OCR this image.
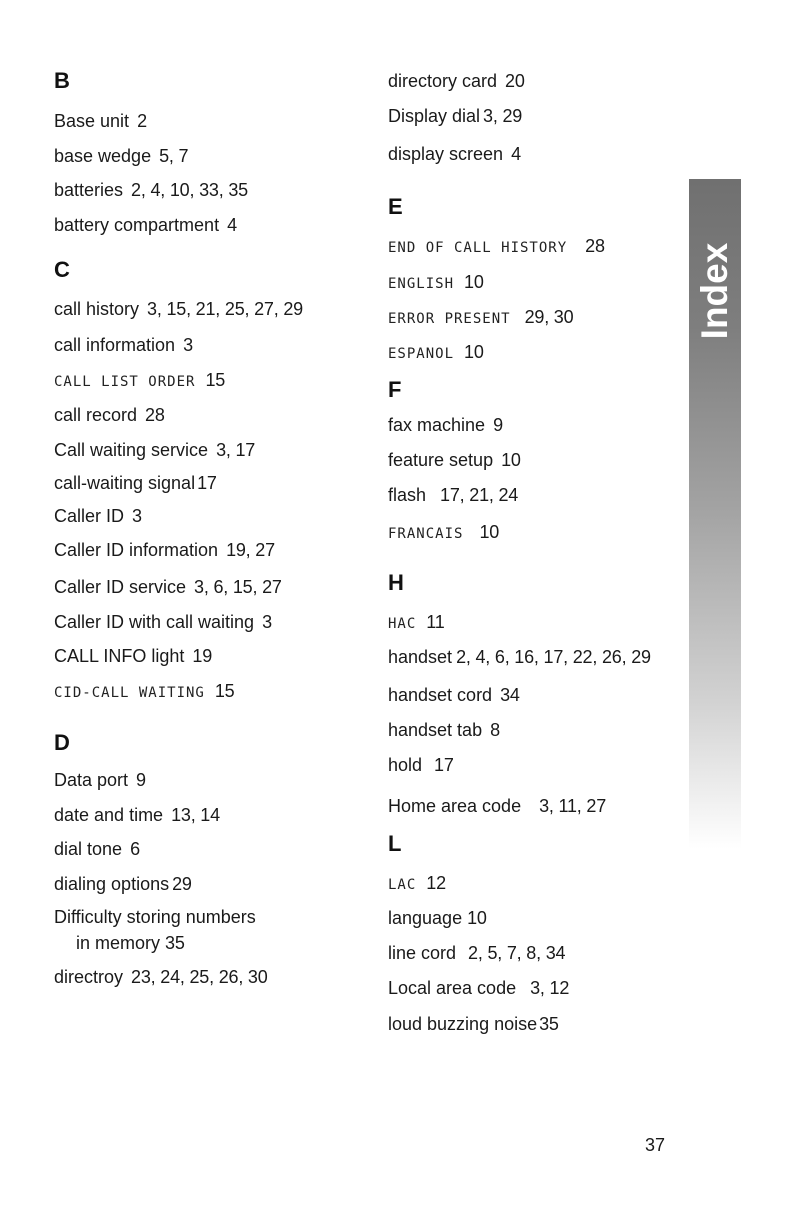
B
Base unit 2
base wedge 5, 7
batteries 2, 4, 10, 33, 35
battery compartment 4
C
call history 3, 15, 21, 25, 27, 29
call information 3
CALL LIST ORDER 15
call record 28
Call waiting service 3, 17
call-waiting signal 17
Caller ID 3
Caller ID information 19, 27
Caller ID service 3, 6, 15, 27
Caller ID with call waiting 3
CALL INFO light 19
CID-CALL WAITING 15
D
Data port 9
date and time 13, 14
dial tone 6
dialing options 29
Difficulty storing numbers
in memory 35
directroy 23, 24, 25, 26, 30
directory card 20
Display dial 3, 29
display screen 4
E
END OF CALL HISTORY 28
ENGLISH 10
ERROR PRESENT 29, 30
ESPANOL 10
F
fax machine 9
feature setup 10
flash 17, 21, 24
FRANCAIS 10
H
HAC 11
handset 2, 4, 6, 16, 17, 22, 26, 29
handset cord 34
handset tab 8
hold 17
Home area code 3, 11, 27
L
LAC 12
language 10
line cord 2, 5, 7, 8, 34
Local area code 3, 12
loud buzzing noise 35
Index
37
